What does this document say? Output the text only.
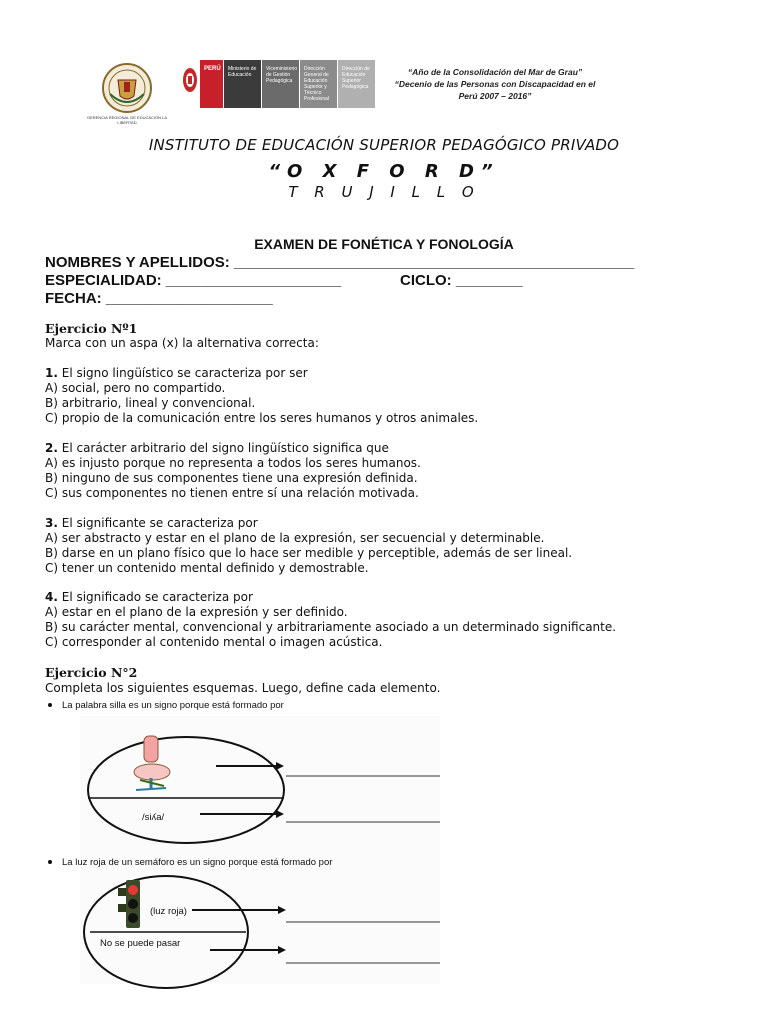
GERENCIA REGIONAL DE EDUCACIÓN LA LIBERTAD
PERÚ	Ministerio de Educación
Viceministerio de Gestión Pedagógica
Dirección General de Educación Superior y Técnico Profesional
Dirección de Educación Superior Pedagógica
“Año de la Consolidación del Mar de Grau”
“Decenio de las Personas con Discapacidad en el
Perú 2007 – 2016”
INSTITUTO DE EDUCACIÓN SUPERIOR PEDAGÓGICO PRIVADO
“O X F O R D”
T R U J I L L O
EXAMEN DE FONÉTICA Y FONOLOGÍA
NOMBRES Y APELLIDOS: ________________________________________________
ESPECIALIDAD: _____________________	CICLO: ________
FECHA: ____________________
Ejercicio Nº1
Marca con un aspa (x) la alternativa correcta:
1. El signo lingüístico se caracteriza por ser
A) social, pero no compartido.
B) arbitrario, lineal y convencional.
C) propio de la comunicación entre los seres humanos y otros animales.
2. El carácter arbitrario del signo lingüístico significa que
A) es injusto porque no representa a todos los seres humanos.
B) ninguno de sus componentes tiene una expresión definida.
C) sus componentes no tienen entre sí una relación motivada.
3. El significante se caracteriza por
A) ser abstracto y estar en el plano de la expresión, ser secuencial y determinable.
B) darse en un plano físico que lo hace ser medible y perceptible, además de ser lineal.
C) tener un contenido mental definido y demostrable.
4. El significado se caracteriza por
A) estar en el plano de la expresión y ser definido.
B) su carácter mental, convencional y arbitrariamente asociado a un determinado significante.
C) corresponder al contenido mental o imagen acústica.
Ejercicio N°2
Completa los siguientes esquemas. Luego, define cada elemento.
La palabra silla es un signo porque está formado por
/siʎa/
La luz roja de un semáforo es un signo porque está formado por
(luz roja)
No se puede pasar
